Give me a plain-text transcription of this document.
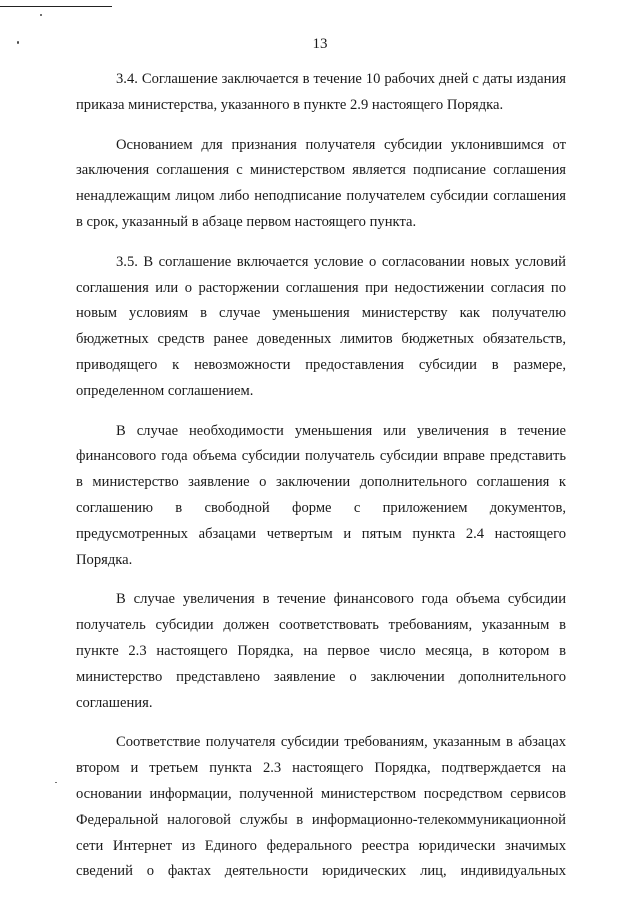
13

3.4. Соглашение заключается в течение 10 рабочих дней с даты издания приказа министерства, указанного в пункте 2.9 настоящего Порядка.

Основанием для признания получателя субсидии уклонившимся от заключения соглашения с министерством является подписание соглашения ненадлежащим лицом либо неподписание получателем субсидии соглашения в срок, указанный в абзаце первом настоящего пункта.

3.5. В соглашение включается условие о согласовании новых условий соглашения или о расторжении соглашения при недостижении согласия по новым условиям в случае уменьшения министерству как получателю бюджетных средств ранее доведенных лимитов бюджетных обязательств, приводящего к невозможности предоставления субсидии в размере, определенном соглашением.

В случае необходимости уменьшения или увеличения в течение финансового года объема субсидии получатель субсидии вправе представить в министерство заявление о заключении дополнительного соглашения к соглашению в свободной форме с приложением документов, предусмотренных абзацами четвертым и пятым пункта 2.4 настоящего Порядка.

В случае увеличения в течение финансового года объема субсидии получатель субсидии должен соответствовать требованиям, указанным в пункте 2.3 настоящего Порядка, на первое число месяца, в котором в министерство представлено заявление о заключении дополнительного соглашения.

Соответствие получателя субсидии требованиям, указанным в абзацах втором и третьем пункта 2.3 настоящего Порядка, подтверждается на основании информации, полученной министерством посредством сервисов Федеральной налоговой службы в информационно-телекоммуникационной сети Интернет из Единого федерального реестра юридически значимых сведений о фактах деятельности юридических лиц, индивидуальных
